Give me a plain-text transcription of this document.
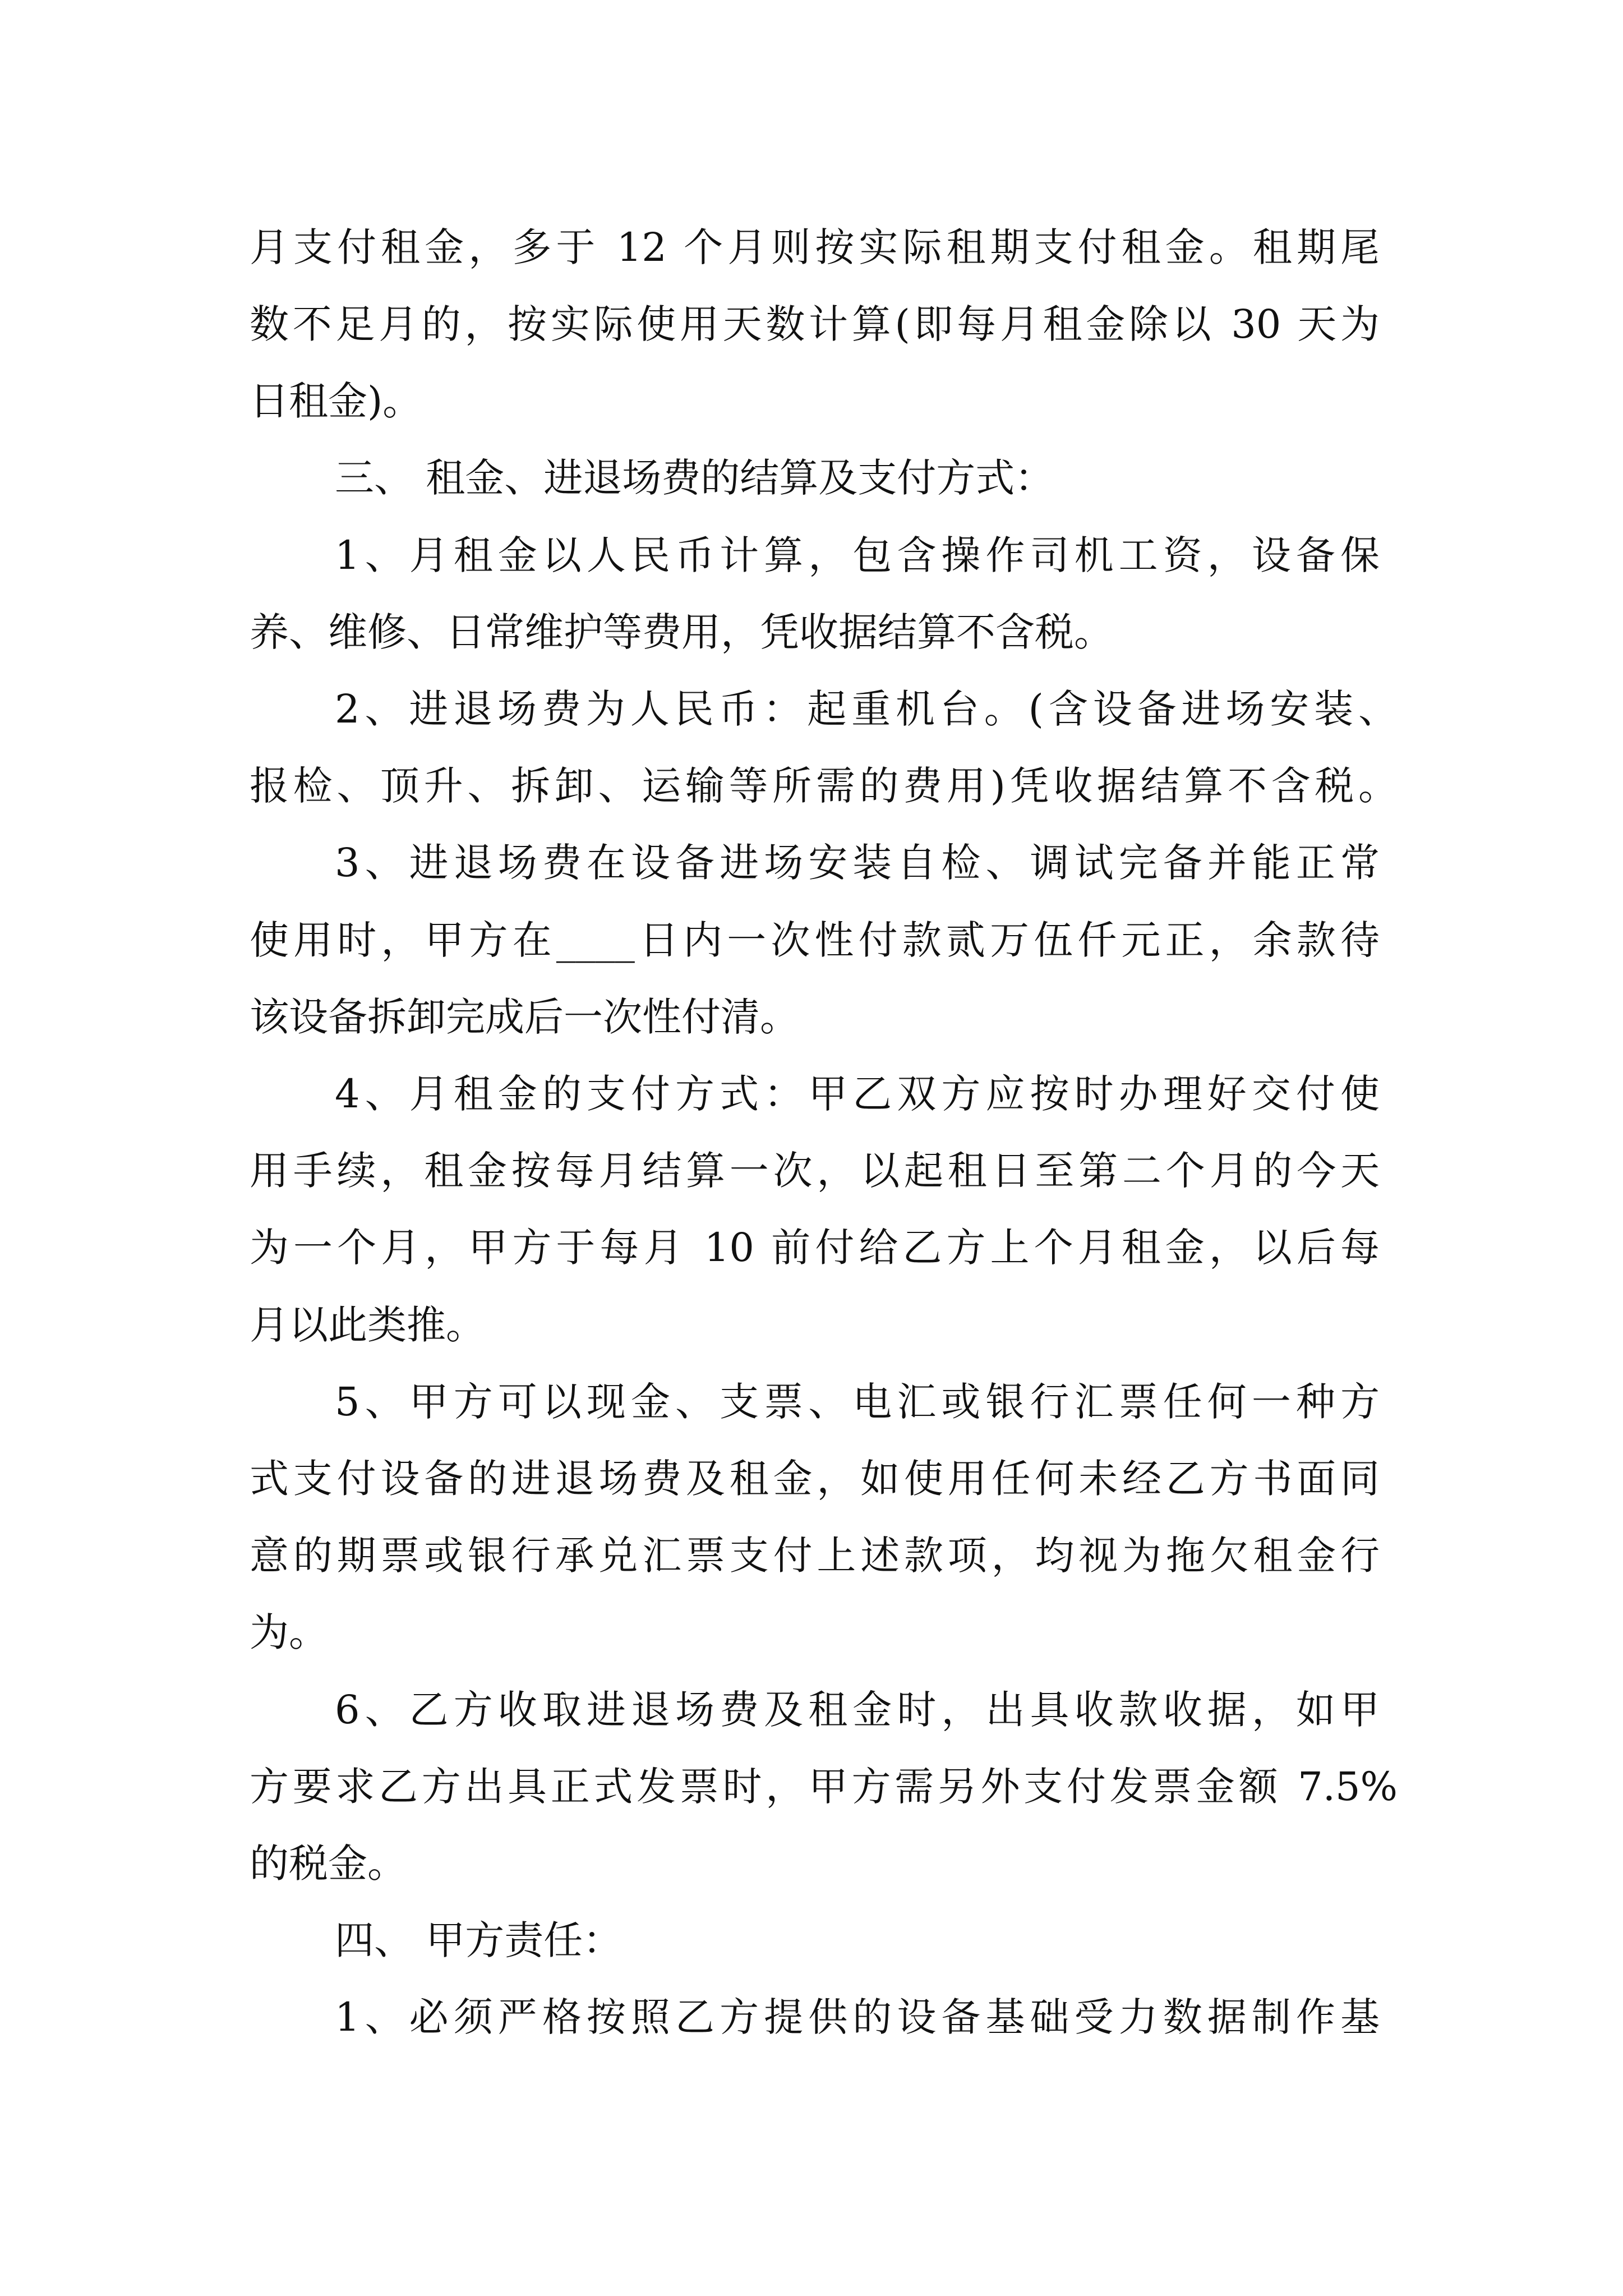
月支付租金，多于 12 个月则按实际租期支付租金。租期尾

数不足月的，按实际使用天数计算(即每月租金除以 30 天为

日租金)。

三、 租金、进退场费的结算及支付方式：

1、月租金以人民币计算，包含操作司机工资，设备保

养、维修、日常维护等费用，凭收据结算不含税。

2、进退场费为人民币：起重机台。(含设备进场安装、

报检、顶升、拆卸、运输等所需的费用)凭收据结算不含税。

3、进退场费在设备进场安装自检、调试完备并能正常

使用时，甲方在____日内一次性付款贰万伍仟元正，余款待

该设备拆卸完成后一次性付清。

4、月租金的支付方式：甲乙双方应按时办理好交付使

用手续，租金按每月结算一次，以起租日至第二个月的今天

为一个月，甲方于每月 10 前付给乙方上个月租金，以后每

月以此类推。

5、甲方可以现金、支票、电汇或银行汇票任何一种方

式支付设备的进退场费及租金，如使用任何未经乙方书面同

意的期票或银行承兑汇票支付上述款项，均视为拖欠租金行

为。

6、乙方收取进退场费及租金时，出具收款收据，如甲

方要求乙方出具正式发票时，甲方需另外支付发票金额 7.5%

的税金。

四、 甲方责任：

1、必须严格按照乙方提供的设备基础受力数据制作基
